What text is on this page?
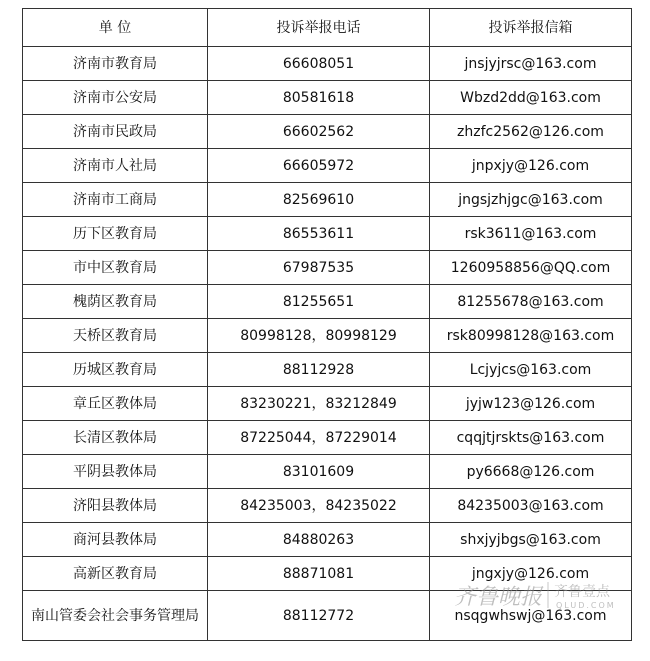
单 位	投诉举报电话	投诉举报信箱
济南市教育局	66608051	jnsjyjrsc@163.com
济南市公安局	80581618	Wbzd2dd@163.com
济南市民政局	66602562	zhzfc2562@126.com
济南市人社局	66605972	jnpxjy@126.com
济南市工商局	82569610	jngsjzhjgc@163.com
历下区教育局	86553611	rsk3611@163.com
市中区教育局	67987535	1260958856@QQ.com
槐荫区教育局	81255651	81255678@163.com
天桥区教育局	80998128，80998129	rsk80998128@163.com
历城区教育局	88112928	Lcjyjcs@163.com
章丘区教体局	83230221，83212849	jyjw123@126.com
长清区教体局	87225044，87229014	cqqjtjrskts@163.com
平阴县教体局	83101609	py6668@126.com
济阳县教体局	84235003，84235022	84235003@163.com
商河县教体局	84880263	shxjyjbgs@163.com
高新区教育局	88871081	jngxjy@126.com
南山管委会社会事务管理局	88112772	nsqgwhswj@163.com
齐鲁晚报 齐鲁壹点
QLUD.COM
